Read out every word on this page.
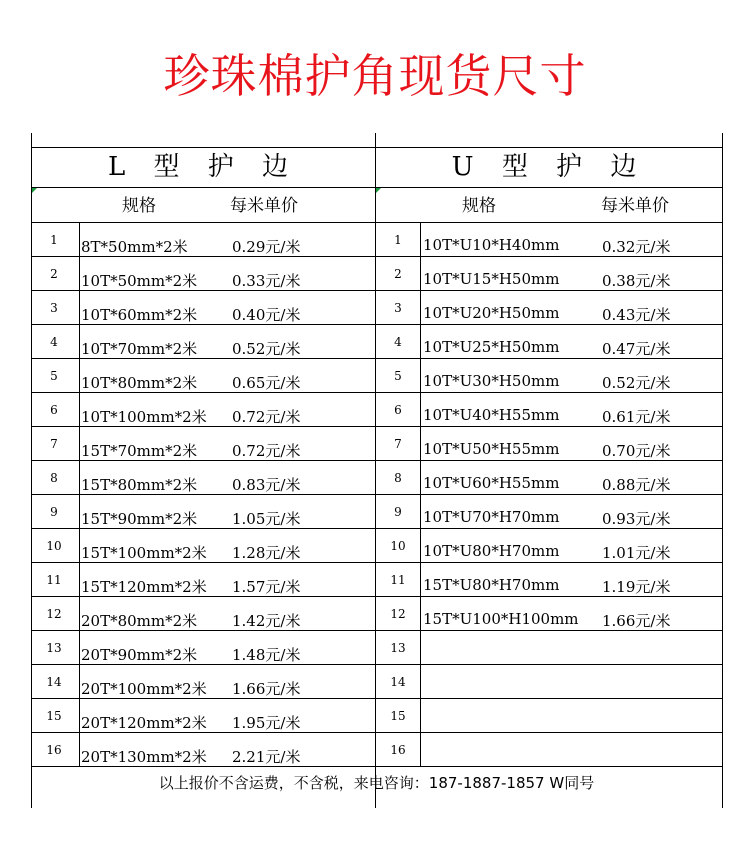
珍珠棉护角现货尺寸
L 型 护 边	U 型 护 边
规格	每米单价	规格	每米单价
1	8T*50mm*2米	0.29元/米
2	10T*50mm*2米 0.33元/米
3	10T*60mm*2米 0.40元/米
4	10T*70mm*2米 0.52元/米
5	10T*80mm*2米 0.65元/米
6	10T*100mm*2米 0.72元/米
7	15T*70mm*2米 0.72元/米
8	15T*80mm*2米 0.83元/米
9	15T*90mm*2米 1.05元/米
10	15T*100mm*2米 1.28元/米
11	15T*120mm*2米 1.57元/米
12	20T*80mm*2米 1.42元/米
13	20T*90mm*2米 1.48元/米
14	20T*100mm*2米 1.66元/米
15	20T*120mm*2米 1.95元/米
16	20T*130mm*2米 2.21元/米
1	10T*U10*H40mm	0.32元/米
2	10T*U15*H50mm	0.38元/米
3	10T*U20*H50mm	0.43元/米
4	10T*U25*H50mm	0.47元/米
5	10T*U30*H50mm	0.52元/米
6	10T*U40*H55mm	0.61元/米
7	10T*U50*H55mm	0.70元/米
8	10T*U60*H55mm	0.88元/米
9	10T*U70*H70mm	0.93元/米
10	10T*U80*H70mm	1.01元/米
11	15T*U80*H70mm	1.19元/米
12	15T*U100*H100mm 1.66元/米
13
14
15
16
以上报价不含运费，不含税，来电咨询：187-1887-1857 W同号
